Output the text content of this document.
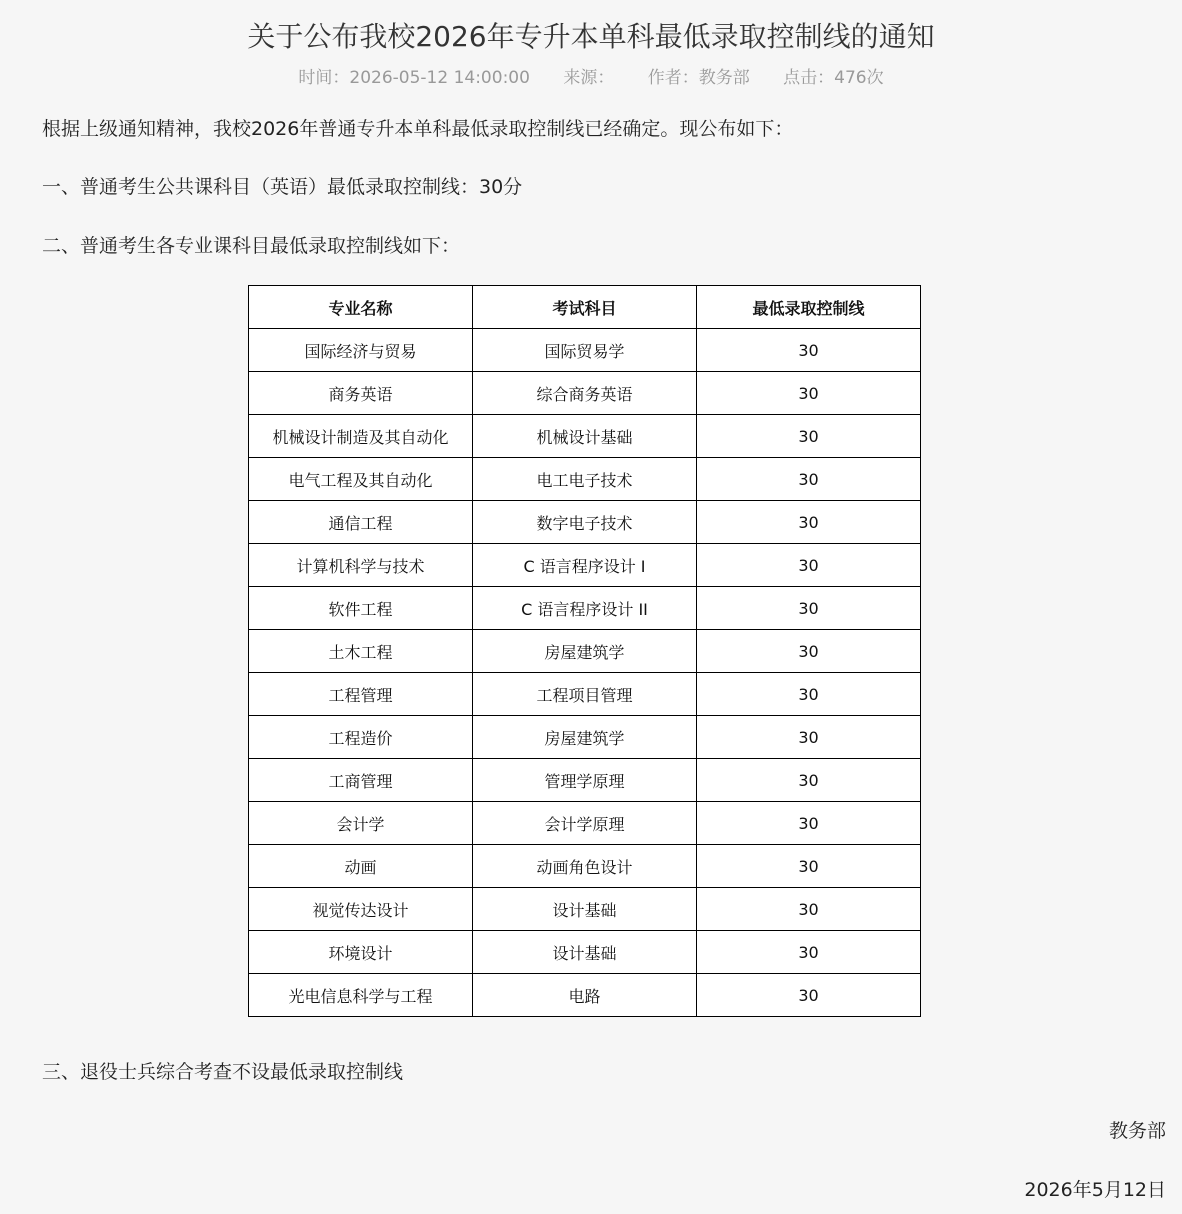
关于公布我校2026年专升本单科最低录取控制线的通知
时间：2026-05-12 14:00:00 来源： 作者：教务部 点击：476次

根据上级通知精神，我校2026年普通专升本单科最低录取控制线已经确定。现公布如下：

一、普通考生公共课科目（英语）最低录取控制线：30分

二、普通考生各专业课科目最低录取控制线如下：

专业名称	考试科目	最低录取控制线
国际经济与贸易	国际贸易学	30
商务英语	综合商务英语	30
机械设计制造及其自动化	机械设计基础	30
电气工程及其自动化	电工电子技术	30
通信工程	数字电子技术	30
计算机科学与技术	C 语言程序设计 I	30
软件工程	C 语言程序设计 II	30
土木工程	房屋建筑学	30
工程管理	工程项目管理	30
工程造价	房屋建筑学	30
工商管理	管理学原理	30
会计学	会计学原理	30
动画	动画角色设计	30
视觉传达设计	设计基础	30
环境设计	设计基础	30
光电信息科学与工程	电路	30

三、退役士兵综合考查不设最低录取控制线

教务部
2026年5月12日
